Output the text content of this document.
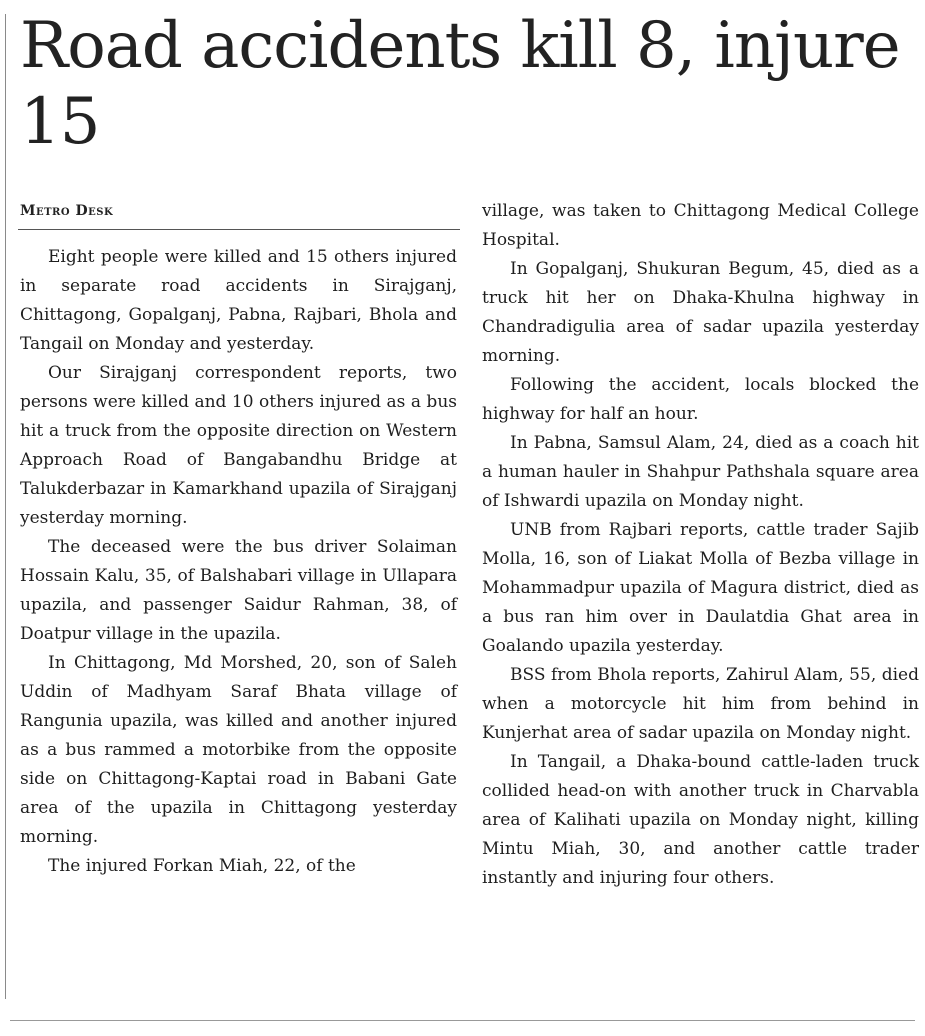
Road accidents kill 8, injure 15
Metro Desk

Eight people were killed and 15 others injured in separate road accidents in Sirajganj, Chittagong, Gopalganj, Pabna, Rajbari, Bhola and Tangail on Monday and yesterday.

Our Sirajganj correspondent reports, two persons were killed and 10 others injured as a bus hit a truck from the opposite direction on Western Approach Road of Bangabandhu Bridge at Talukderbazar in Kamarkhand upazila of Sirajganj yesterday morning.

The deceased were the bus driver Solaiman Hossain Kalu, 35, of Balshabari village in Ullapara upazila, and passenger Saidur Rahman, 38, of Doatpur village in the upazila.

In Chittagong, Md Morshed, 20, son of Saleh Uddin of Madhyam Saraf Bhata village of Rangunia upazila, was killed and another injured as a bus rammed a motorbike from the opposite side on Chittagong-Kaptai road in Babani Gate area of the upazila in Chittagong yesterday morning.

The injured Forkan Miah, 22, of the

village, was taken to Chittagong Medical College Hospital.

In Gopalganj, Shukuran Begum, 45, died as a truck hit her on Dhaka-Khulna highway in Chandradigulia area of sadar upazila yesterday morning.

Following the accident, locals blocked the highway for half an hour.

In Pabna, Samsul Alam, 24, died as a coach hit a human hauler in Shahpur Pathshala square area of Ishwardi upazila on Monday night.

UNB from Rajbari reports, cattle trader Sajib Molla, 16, son of Liakat Molla of Bezba village in Mohammadpur upazila of Magura district, died as a bus ran him over in Daulatdia Ghat area in Goalando upazila yesterday.

BSS from Bhola reports, Zahirul Alam, 55, died when a motorcycle hit him from behind in Kunjerhat area of sadar upazila on Monday night.

In Tangail, a Dhaka-bound cattle-laden truck collided head-on with another truck in Charvabla area of Kalihati upazila on Monday night, killing Mintu Miah, 30, and another cattle trader instantly and injuring four others.
